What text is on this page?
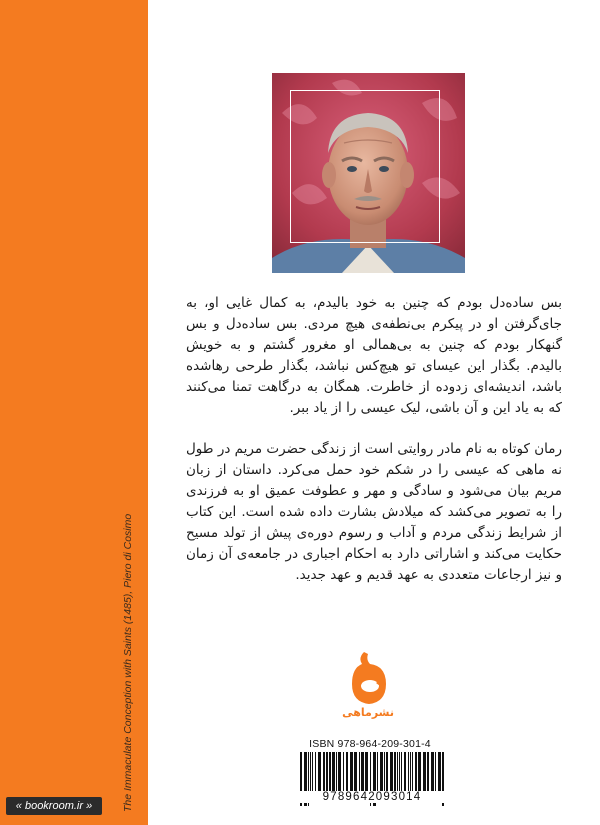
The Immaculate Conception with Saints (1485), Piero di Cosimo
« bookroom.ir »
بس ساده‌دل بودم که چنین به خود بالیدم، به کمال غایی او، به جای‌گرفتن او در پیکرم بی‌نطفه‌ی هیچ مردی. بس ساده‌دل و بس گنهکار بودم که چنین به بی‌همالی او مغرور گشتم و به خویش بالیدم. بگذار این عیسای تو هیچ‌کس نباشد، بگذار طرحی رهاشده باشد، اندیشه‌ای زدوده از خاطرت. همگان به درگاهت تمنا می‌کنند که به یاد این و آن باشی، لیک عیسی را از یاد ببر.
رمان کوتاه به نام مادر روایتی است از زندگی حضرت مریم در طول نه ماهی که عیسی را در شکم خود حمل می‌کرد. داستان از زبان مریم بیان می‌شود و سادگی و مهر و عطوفت عمیق او به فرزندی را به تصویر می‌کشد که میلادش بشارت داده شده است. این کتاب از شرایط زندگی مردم و آداب و رسوم دوره‌ی پیش از تولد مسیح حکایت می‌کند و اشاراتی دارد به احکام اجباری در جامعه‌ی آن زمان و نیز ارجاعات متعددی به عهد قدیم و عهد جدید.
نشرماهی
ISBN 978-964-209-301-4
9789642093014
